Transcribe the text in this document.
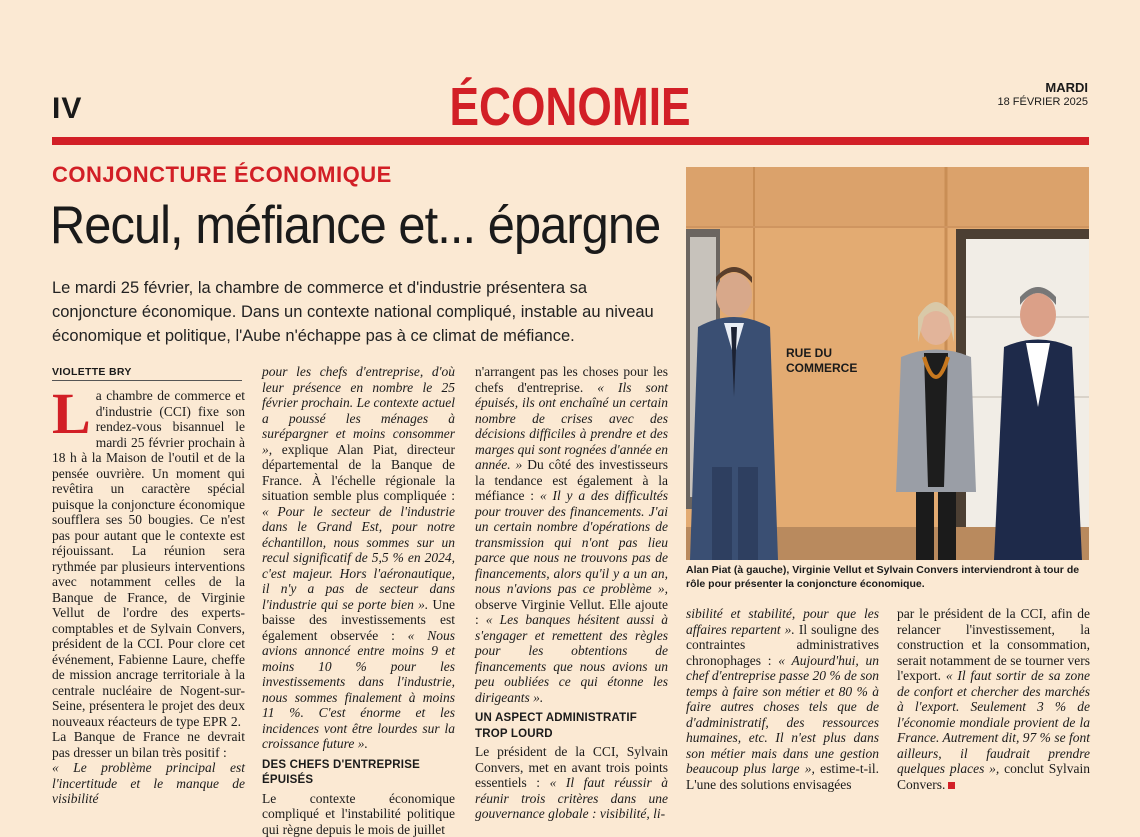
IV	ÉCONOMIE	MARDI
18 FÉVRIER 2025
CONJONCTURE ÉCONOMIQUE
Recul, méfiance et... épargne
Le mardi 25 février, la chambre de commerce et d'industrie présentera sa conjoncture économique. Dans un contexte national compliqué, instable au niveau économique et politique, l'Aube n'échappe pas à ce climat de méfiance.
VIOLETTE BRY

La chambre de commerce et d'industrie (CCI) fixe son rendez-vous bisannuel le mardi 25 février prochain à 18 h à la Maison de l'outil et de la pensée ouvrière. Un moment qui revêtira un caractère spécial puisque la conjoncture économique soufflera ses 50 bougies. Ce n'est pas pour autant que le contexte est réjouissant. La réunion sera rythmée par plusieurs interventions avec notamment celles de la Banque de France, de Virginie Vellut de l'ordre des experts-comptables et de Sylvain Convers, président de la CCI. Pour clore cet événement, Fabienne Laure, cheffe de mission ancrage territoriale à la centrale nucléaire de Nogent-sur-Seine, présentera le projet des deux nouveaux réacteurs de type EPR 2.

La Banque de France ne devrait pas dresser un bilan très positif :

« Le problème principal est l'incertitude et le manque de visibilité

pour les chefs d'entreprise, d'où leur présence en nombre le 25 février prochain. Le contexte actuel a poussé les ménages à surépargner et moins consommer », explique Alan Piat, directeur départemental de la Banque de France. À l'échelle régionale la situation semble plus compliquée : « Pour le secteur de l'industrie dans le Grand Est, pour notre échantillon, nous sommes sur un recul significatif de 5,5 % en 2024, c'est majeur. Hors l'aéronautique, il n'y a pas de secteur dans l'industrie qui se porte bien ». Une baisse des investissements est également observée : « Nous avions annoncé entre moins 9 et moins 10 % pour les investissements dans l'industrie, nous sommes finalement à moins 11 %. C'est énorme et les incidences vont être lourdes sur la croissance future ».

DES CHEFS D'ENTREPRISE ÉPUISÉS

Le contexte économique compliqué et l'instabilité politique qui règne depuis le mois de juillet

n'arrangent pas les choses pour les chefs d'entreprise. « Ils sont épuisés, ils ont enchaîné un certain nombre de crises avec des décisions difficiles à prendre et des marges qui sont rognées d'année en année. » Du côté des investisseurs la tendance est également à la méfiance : « Il y a des difficultés pour trouver des financements. J'ai un certain nombre d'opérations de transmission qui n'ont pas lieu parce que nous ne trouvons pas de financements, alors qu'il y a un an, nous n'avions pas ce problème », observe Virginie Vellut. Elle ajoute : « Les banques hésitent aussi à s'engager et remettent des règles pour les obtentions de financements que nous avions un peu oubliées ce qui étonne les dirigeants ».

UN ASPECT ADMINISTRATIF TROP LOURD

Le président de la CCI, Sylvain Convers, met en avant trois points essentiels : « Il faut réussir à réunir trois critères dans une gouvernance globale : visibilité, li-

RUE DU
COMMERCE
Alan Piat (à gauche), Virginie Vellut et Sylvain Convers interviendront à tour de rôle pour présenter la conjoncture économique.

sibilité et stabilité, pour que les affaires repartent ». Il souligne des contraintes administratives chronophages : « Aujourd'hui, un chef d'entreprise passe 20 % de son temps à faire son métier et 80 % à faire autres choses tels que de d'administratif, des ressources humaines, etc. Il n'est plus dans son métier mais dans une gestion beaucoup plus large », estime-t-il. L'une des solutions envisagées

par le président de la CCI, afin de relancer l'investissement, la construction et la consommation, serait notamment de se tourner vers l'export. « Il faut sortir de sa zone de confort et chercher des marchés à l'export. Seulement 3 % de l'économie mondiale provient de la France. Autrement dit, 97 % se font ailleurs, il faudrait prendre quelques places », conclut Sylvain Convers.
